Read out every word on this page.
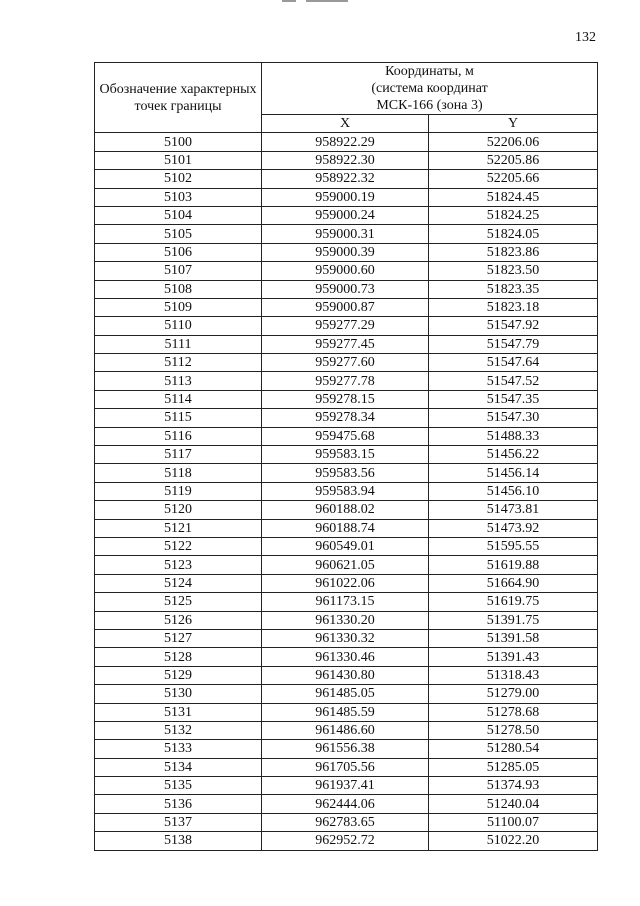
132
Обозначение характерных точек границы	Координаты, м
(система координат
МСК-166 (зона 3)	

	X	Y
5100	958922.29	52206.06
5101	958922.30	52205.86
5102	958922.32	52205.66
5103	959000.19	51824.45
5104	959000.24	51824.25
5105	959000.31	51824.05
5106	959000.39	51823.86
5107	959000.60	51823.50
5108	959000.73	51823.35
5109	959000.87	51823.18
5110	959277.29	51547.92
5111	959277.45	51547.79
5112	959277.60	51547.64
5113	959277.78	51547.52
5114	959278.15	51547.35
5115	959278.34	51547.30
5116	959475.68	51488.33
5117	959583.15	51456.22
5118	959583.56	51456.14
5119	959583.94	51456.10
5120	960188.02	51473.81
5121	960188.74	51473.92
5122	960549.01	51595.55
5123	960621.05	51619.88
5124	961022.06	51664.90
5125	961173.15	51619.75
5126	961330.20	51391.75
5127	961330.32	51391.58
5128	961330.46	51391.43
5129	961430.80	51318.43
5130	961485.05	51279.00
5131	961485.59	51278.68
5132	961486.60	51278.50
5133	961556.38	51280.54
5134	961705.56	51285.05
5135	961937.41	51374.93
5136	962444.06	51240.04
5137	962783.65	51100.07
5138	962952.72	51022.20
